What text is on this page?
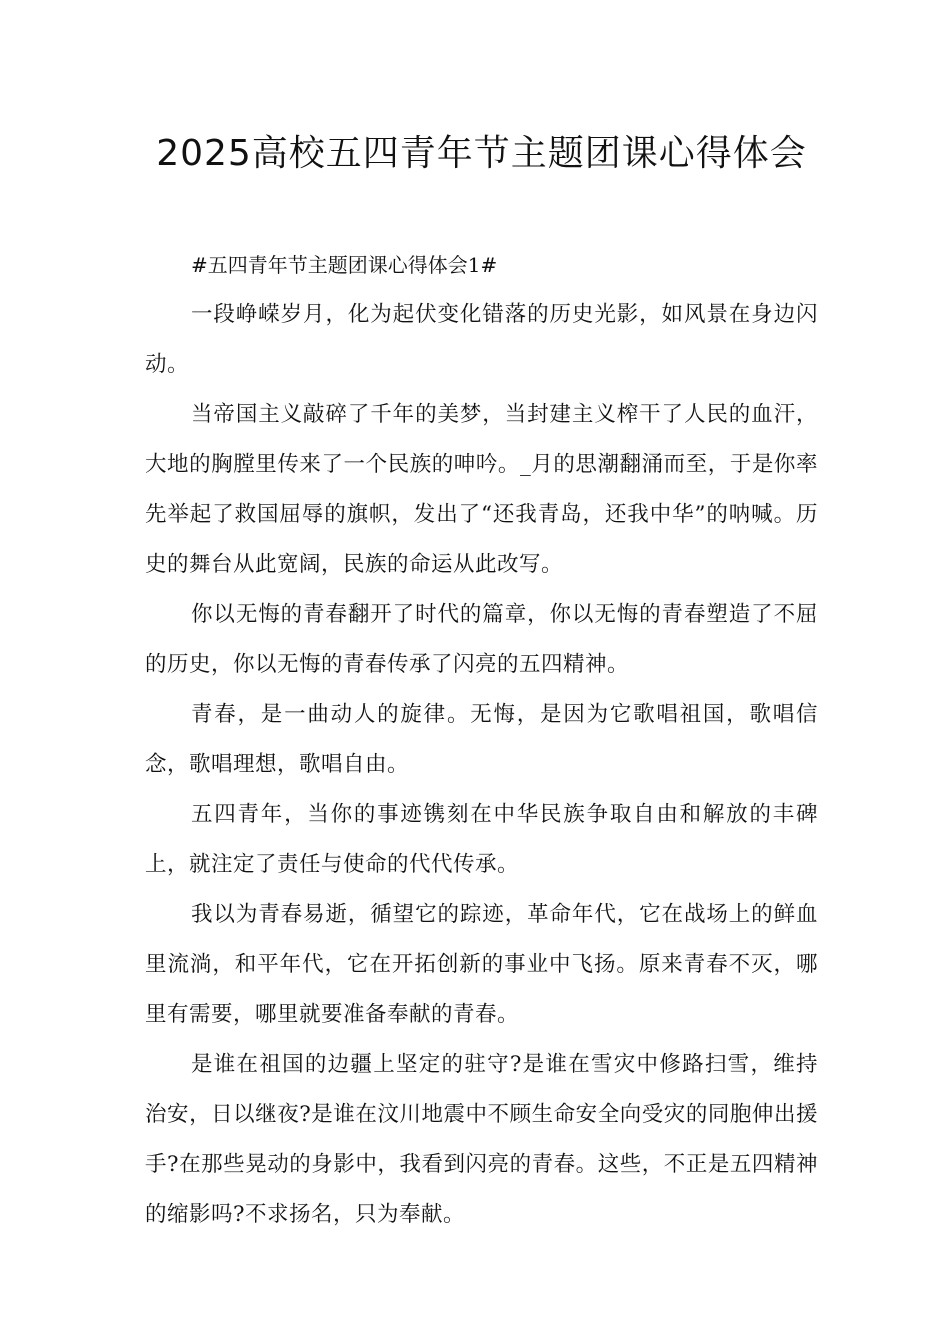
2025高校五四青年节主题团课心得体会

#五四青年节主题团课心得体会1#

一段峥嵘岁月，化为起伏变化错落的历史光影，如风景在身边闪动。

当帝国主义敲碎了千年的美梦，当封建主义榨干了人民的血汗，大地的胸膛里传来了一个民族的呻吟。_月的思潮翻涌而至，于是你率先举起了救国屈辱的旗帜，发出了“还我青岛，还我中华”的呐喊。历史的舞台从此宽阔，民族的命运从此改写。

你以无悔的青春翻开了时代的篇章，你以无悔的青春塑造了不屈的历史，你以无悔的青春传承了闪亮的五四精神。

青春，是一曲动人的旋律。无悔，是因为它歌唱祖国，歌唱信念，歌唱理想，歌唱自由。

五四青年，当你的事迹镌刻在中华民族争取自由和解放的丰碑上，就注定了责任与使命的代代传承。

我以为青春易逝，循望它的踪迹，革命年代，它在战场上的鲜血里流淌，和平年代，它在开拓创新的事业中飞扬。原来青春不灭，哪里有需要，哪里就要准备奉献的青春。

是谁在祖国的边疆上坚定的驻守?是谁在雪灾中修路扫雪，维持治安，日以继夜?是谁在汶川地震中不顾生命安全向受灾的同胞伸出援手?在那些晃动的身影中，我看到闪亮的青春。这些，不正是五四精神的缩影吗?不求扬名，只为奉献。
